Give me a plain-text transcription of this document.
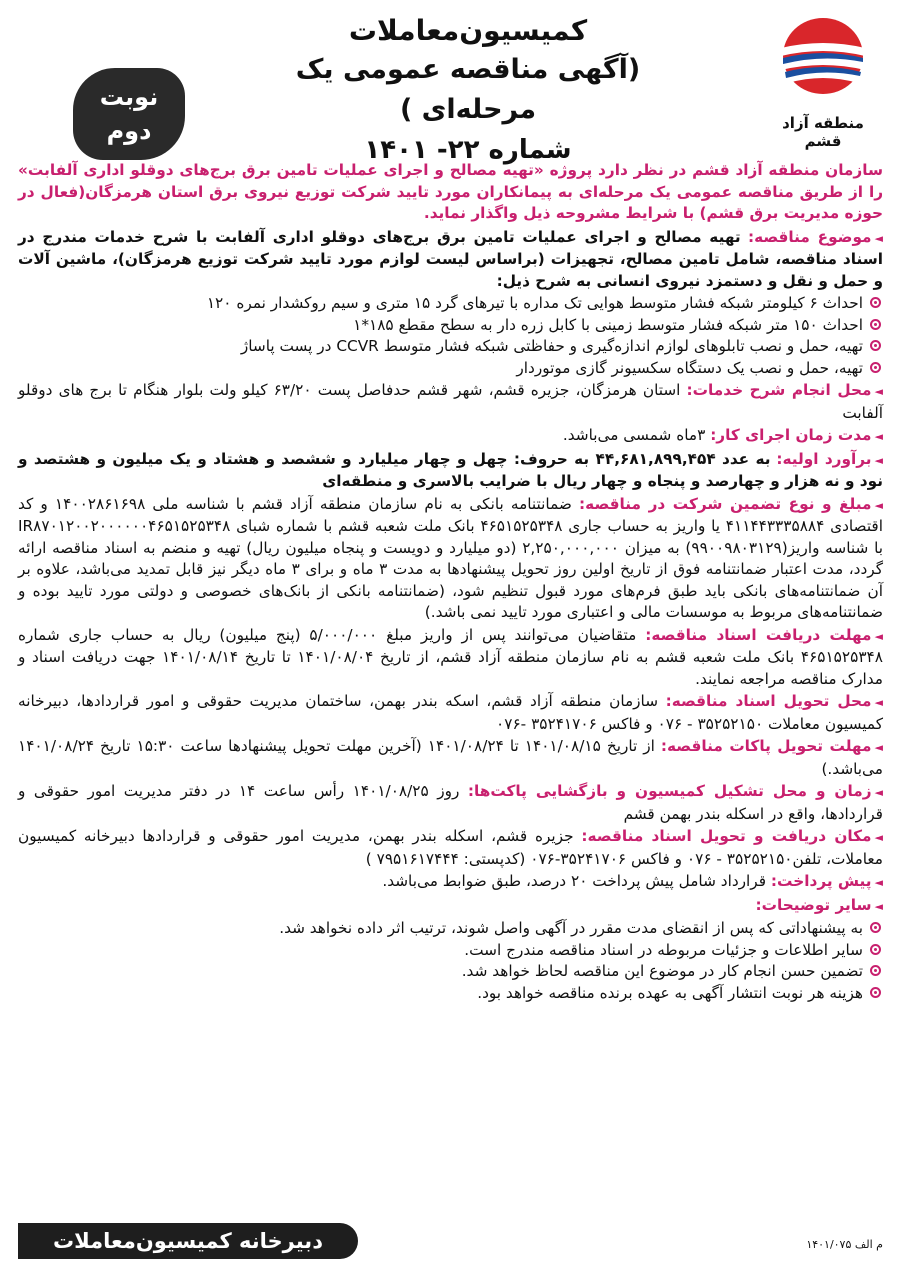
منطقه آزاد قشم
کمیسیون‌معاملات
(آگهی مناقصه عمومی یک مرحله‌ای )
شماره ۲۲- ۱۴۰۱
نوبت
دوم
سازمان منطقه آزاد قشم در نظر دارد پروژه «تهیه مصالح و اجرای عملیات تامین برق برج‌های دوقلو اداری آلفابت» را از طریق مناقصه عمومی یک مرحله‌ای به پیمانکاران مورد تایید شرکت توزیع نیروی برق استان هرمزگان(فعال در حوزه مدیریت برق قشم) با شرایط مشروحه ذیل واگذار نماید.
◄موضوع مناقصه: تهیه مصالح و اجرای عملیات تامین برق برج‌های دوقلو اداری آلفابت با شرح خدمات مندرج در اسناد مناقصه، شامل تامین مصالح، تجهیزات (براساس لیست لوازم مورد تایید شرکت توزیع هرمزگان)، ماشین آلات و حمل و نقل و دستمزد نیروی انسانی به شرح ذیل:
احداث ۶ کیلومتر شبکه فشار متوسط هوایی تک مداره با تیرهای گرد ۱۵ متری و سیم روکشدار نمره ۱۲۰
احداث ۱۵۰ متر شبکه فشار متوسط زمینی با کابل زره دار به سطح مقطع ۱۸۵*۱
تهیه، حمل و نصب تابلوهای لوازم اندازه‌گیری و حفاظتی شبکه فشار متوسط CCVR در پست پاساژ
تهیه، حمل و نصب یک دستگاه سکسیونر گازی موتوردار
◄محل انجام شرح خدمات: استان هرمزگان، جزیره قشم، شهر قشم حدفاصل پست ۶۳/۲۰ کیلو ولت بلوار هنگام تا برج های دوقلو آلفابت
◄مدت زمان اجرای کار: ۳ماه شمسی می‌باشد.
◄برآورد اولیه: به عدد ۴۴,۶۸۱,۸۹۹,۴۵۴ به حروف: چهل و چهار میلیارد و ششصد و هشتاد و یک میلیون و هشتصد و نود و نه هزار و چهارصد و پنجاه و چهار ریال با ضرایب بالاسری و منطقه‌ای
◄مبلغ و نوع تضمین شرکت در مناقصه: ضمانتنامه بانکی به نام سازمان منطقه آزاد قشم با شناسه ملی ۱۴۰۰۲۸۶۱۶۹۸ و کد اقتصادی ۴۱۱۴۴۳۳۳۵۸۸۴ یا واریز به حساب جاری ۴۶۵۱۵۲۵۳۴۸ بانک ملت شعبه قشم با شماره شبای IR۸۷۰۱۲۰۰۲۰۰۰۰۰۰۴۶۵۱۵۲۵۳۴۸ با شناسه واریز(۹۹۰۰۹۸۰۳۱۲۹) به میزان ۲,۲۵۰,۰۰۰,۰۰۰ (دو میلیارد و دویست و پنجاه میلیون ریال) تهیه و منضم به اسناد مناقصه ارائه گردد، مدت اعتبار ضمانتنامه فوق از تاریخ اولین روز تحویل پیشنهادها به مدت ۳ ماه و برای ۳ ماه دیگر نیز قابل تمدید می‌باشد، علاوه بر آن ضمانتنامه‌های بانکی باید طبق فرم‌های مورد قبول تنظیم شود، (ضمانتنامه بانکی از بانک‌های خصوصی و دولتی مورد تایید بوده و ضمانتنامه‌های مربوط به موسسات مالی و اعتباری مورد تایید نمی باشد.)
◄مهلت دریافت اسناد مناقصه: متقاضیان می‌توانند پس از واریز مبلغ ۵/۰۰۰/۰۰۰ (پنج میلیون) ریال به حساب جاری شماره ۴۶۵۱۵۲۵۳۴۸ بانک ملت شعبه قشم به نام سازمان منطقه آزاد قشم، از تاریخ ۱۴۰۱/۰۸/۰۴ تا تاریخ ۱۴۰۱/۰۸/۱۴ جهت دریافت اسناد و مدارک مناقصه مراجعه نمایند.
◄محل تحویل اسناد مناقصه: سازمان منطقه آزاد قشم، اسکه بندر بهمن، ساختمان مدیریت حقوقی و امور قراردادها، دبیرخانه کمیسیون معاملات ۳۵۲۵۲۱۵۰ - ۰۷۶ و فاکس ۳۵۲۴۱۷۰۶ -۰۷۶
◄مهلت تحویل پاکات مناقصه: از تاریخ ۱۴۰۱/۰۸/۱۵ تا ۱۴۰۱/۰۸/۲۴ (آخرین مهلت تحویل پیشنهادها ساعت ۱۵:۳۰ تاریخ ۱۴۰۱/۰۸/۲۴ می‌باشد.)
◄زمان و محل تشکیل کمیسیون و بازگشایی پاکت‌ها: روز ۱۴۰۱/۰۸/۲۵ رأس ساعت ۱۴ در دفتر مدیریت امور حقوقی و قراردادها، واقع در اسکله بندر بهمن قشم
◄مکان دریافت و تحویل اسناد مناقصه: جزیره قشم، اسکله بندر بهمن، مدیریت امور حقوقی و قراردادها دبیرخانه کمیسیون معاملات، تلفن۳۵۲۵۲۱۵۰ - ۰۷۶ و فاکس ۳۵۲۴۱۷۰۶-۰۷۶ (کدپستی: ۷۹۵۱۶۱۷۴۴۴ )
◄پیش پرداخت: قرارداد شامل پیش پرداخت ۲۰ درصد، طبق ضوابط می‌باشد.
◄سایر توضیحات:
به پیشنهاداتی که پس از انقضای مدت مقرر در آگهی واصل شوند، ترتیب اثر داده نخواهد شد.
سایر اطلاعات و جزئیات مربوطه در اسناد مناقصه مندرج است.
تضمین حسن انجام کار در موضوع این مناقصه لحاظ خواهد شد.
هزینه هر نوبت انتشار آگهی به عهده برنده مناقصه خواهد بود.
دبیرخانه کمیسیون‌معاملات	م الف ۱۴۰۱/۰۷۵
